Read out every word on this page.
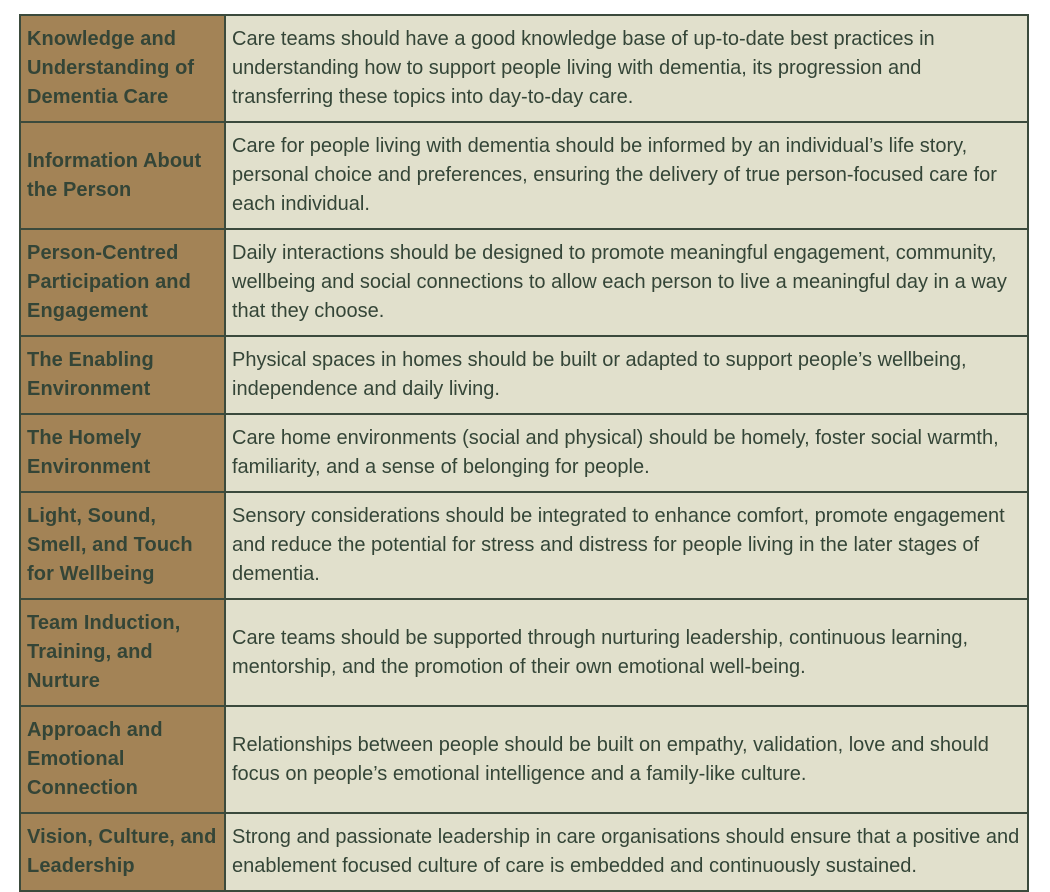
Knowledge and Understanding of Dementia Care	Care teams should have a good knowledge base of up-to-date best practices in understanding how to support people living with dementia, its progression and transferring these topics into day-to-day care.
Information About the Person	Care for people living with dementia should be informed by an individual’s life story, personal choice and preferences, ensuring the delivery of true person-focused care for each individual.
Person-Centred Participation and Engagement	Daily interactions should be designed to promote meaningful engagement, community, wellbeing and social connections to allow each person to live a meaningful day in a way that they choose.
The Enabling Environment	Physical spaces in homes should be built or adapted to support people’s wellbeing, independence and daily living.
The Homely Environment	Care home environments (social and physical) should be homely, foster social warmth, familiarity, and a sense of belonging for people.
Light, Sound, Smell, and Touch for Wellbeing	Sensory considerations should be integrated to enhance comfort, promote engagement and reduce the potential for stress and distress for people living in the later stages of dementia.
Team Induction, Training, and Nurture	Care teams should be supported through nurturing leadership, continuous learning, mentorship, and the promotion of their own emotional well-being.
Approach and Emotional Connection	Relationships between people should be built on empathy, validation, love and should focus on people’s emotional intelligence and a family-like culture.
Vision, Culture, and Leadership	Strong and passionate leadership in care organisations should ensure that a positive and enablement focused culture of care is embedded and continuously sustained.
